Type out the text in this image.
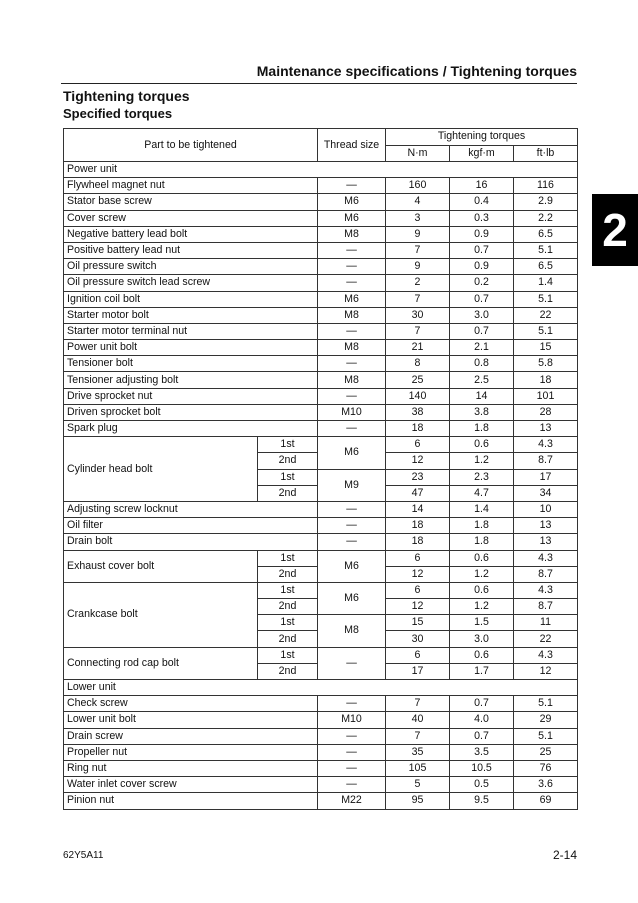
Maintenance specifications / Tightening torques
Tightening torques
Specified torques
2
Part to be tightened		Thread size	Tightening torques		
			N·m	kgf·m	ft·lb
Power unit					
Flywheel magnet nut		—	160	16	116
Stator base screw		M6	4	0.4	2.9
Cover screw		M6	3	0.3	2.2
Negative battery lead bolt		M8	9	0.9	6.5
Positive battery lead nut		—	7	0.7	5.1
Oil pressure switch		—	9	0.9	6.5
Oil pressure switch lead screw		—	2	0.2	1.4
Ignition coil bolt		M6	7	0.7	5.1
Starter motor bolt		M8	30	3.0	22
Starter motor terminal nut		—	7	0.7	5.1
Power unit bolt		M8	21	2.1	15
Tensioner bolt		—	8	0.8	5.8
Tensioner adjusting bolt		M8	25	2.5	18
Drive sprocket nut		—	140	14	101
Driven sprocket bolt		M10	38	3.8	28
Spark plug		—	18	1.8	13
Cylinder head bolt	1st	M6	6	0.6	4.3
	2nd		12	1.2	8.7
	1st	M9	23	2.3	17
	2nd		47	4.7	34
Adjusting screw locknut		—	14	1.4	10
Oil filter		—	18	1.8	13
Drain bolt		—	18	1.8	13
Exhaust cover bolt	1st	M6	6	0.6	4.3
	2nd		12	1.2	8.7
Crankcase bolt	1st	M6	6	0.6	4.3
	2nd		12	1.2	8.7
	1st	M8	15	1.5	11
	2nd		30	3.0	22
Connecting rod cap bolt	1st	—	6	0.6	4.3
	2nd		17	1.7	12
Lower unit					
Check screw		—	7	0.7	5.1
Lower unit bolt		M10	40	4.0	29
Drain screw		—	7	0.7	5.1
Propeller nut		—	35	3.5	25
Ring nut		—	105	10.5	76
Water inlet cover screw		—	5	0.5	3.6
Pinion nut		M22	95	9.5	69
62Y5A11	2-14
